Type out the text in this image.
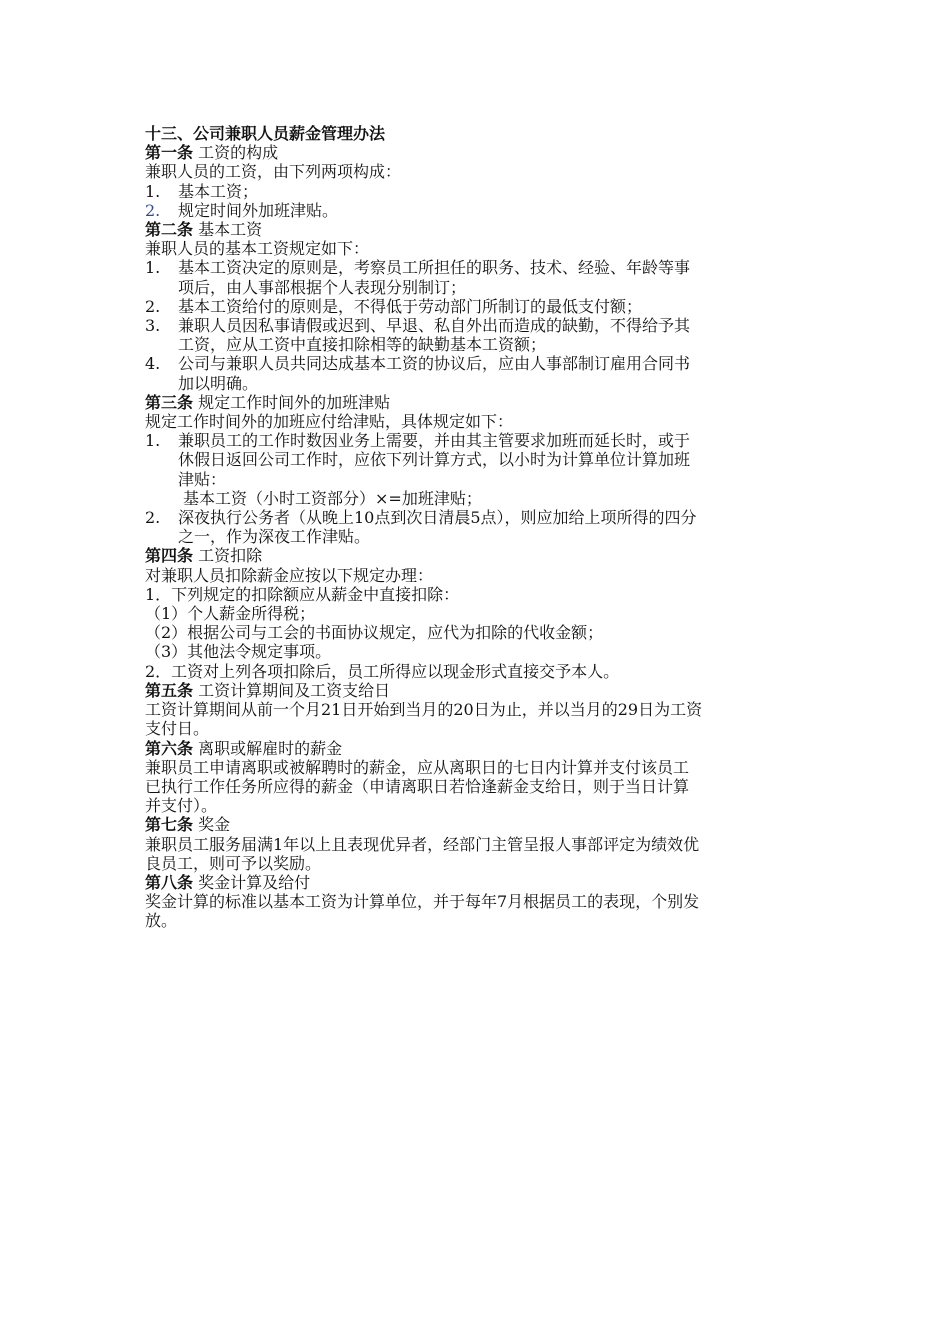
十三、公司兼职人员薪金管理办法
第一条 工资的构成
兼职人员的工资，由下列两项构成：
1.	基本工资；
2.	规定时间外加班津贴。
第二条 基本工资
兼职人员的基本工资规定如下：
1.	基本工资决定的原则是，考察员工所担任的职务、技术、经验、年龄等事
项后，由人事部根据个人表现分别制订；
2.	基本工资给付的原则是，不得低于劳动部门所制订的最低支付额；
3.	兼职人员因私事请假或迟到、早退、私自外出而造成的缺勤，不得给予其
工资，应从工资中直接扣除相等的缺勤基本工资额；
4.	公司与兼职人员共同达成基本工资的协议后，应由人事部制订雇用合同书
加以明确。
第三条 规定工作时间外的加班津贴
规定工作时间外的加班应付给津贴，具体规定如下：
1.	兼职员工的工作时数因业务上需要，并由其主管要求加班而延长时，或于
休假日返回公司工作时，应依下列计算方式，以小时为计算单位计算加班
津贴：
基本工资（小时工资部分）×=加班津贴；
2.	深夜执行公务者（从晚上10点到次日清晨5点），则应加给上项所得的四分
之一，作为深夜工作津贴。
第四条 工资扣除
对兼职人员扣除薪金应按以下规定办理：
1．下列规定的扣除额应从薪金中直接扣除：
（1）个人薪金所得税；
（2）根据公司与工会的书面协议规定，应代为扣除的代收金额；
（3）其他法令规定事项。
2．工资对上列各项扣除后，员工所得应以现金形式直接交予本人。
第五条 工资计算期间及工资支给日
工资计算期间从前一个月21日开始到当月的20日为止，并以当月的29日为工资
支付日。
第六条 离职或解雇时的薪金
兼职员工申请离职或被解聘时的薪金，应从离职日的七日内计算并支付该员工
已执行工作任务所应得的薪金（申请离职日若恰逢薪金支给日，则于当日计算
并支付）。
第七条 奖金
兼职员工服务届满1年以上且表现优异者，经部门主管呈报人事部评定为绩效优
良员工，则可予以奖励。
第八条 奖金计算及给付
奖金计算的标准以基本工资为计算单位，并于每年7月根据员工的表现，个别发
放。
